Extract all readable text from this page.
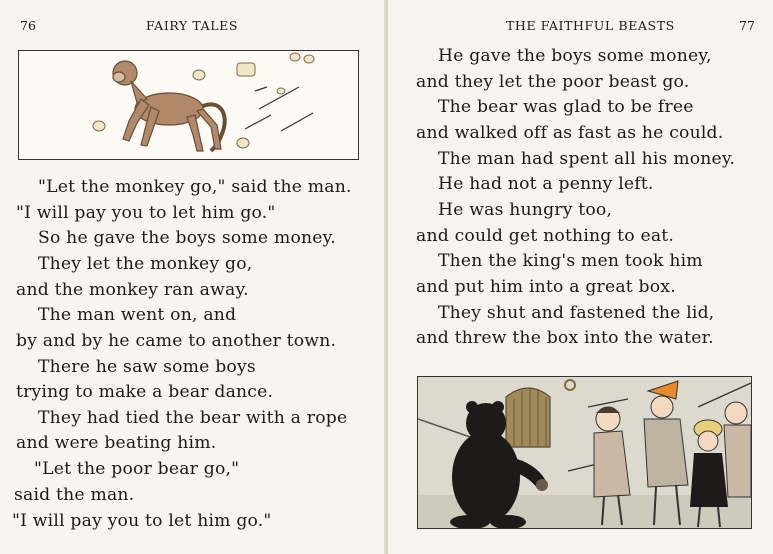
76	FAIRY TALES
"Let the monkey go," said the man.
"I will pay you to let him go."
So he gave the boys some money.
They let the monkey go,
and the monkey ran away.
The man went on, and
by and by he came to another town.
There he saw some boys
trying to make a bear dance.
They had tied the bear with a rope
and were beating him.
"Let the poor bear go,"
said the man.
"I will pay you to let him go."
THE FAITHFUL BEASTS	77
He gave the boys some money,
and they let the poor beast go.
The bear was glad to be free
and walked off as fast as he could.
The man had spent all his money.
He had not a penny left.
He was hungry too,
and could get nothing to eat.
Then the king's men took him
and put him into a great box.
They shut and fastened the lid,
and threw the box into the water.
